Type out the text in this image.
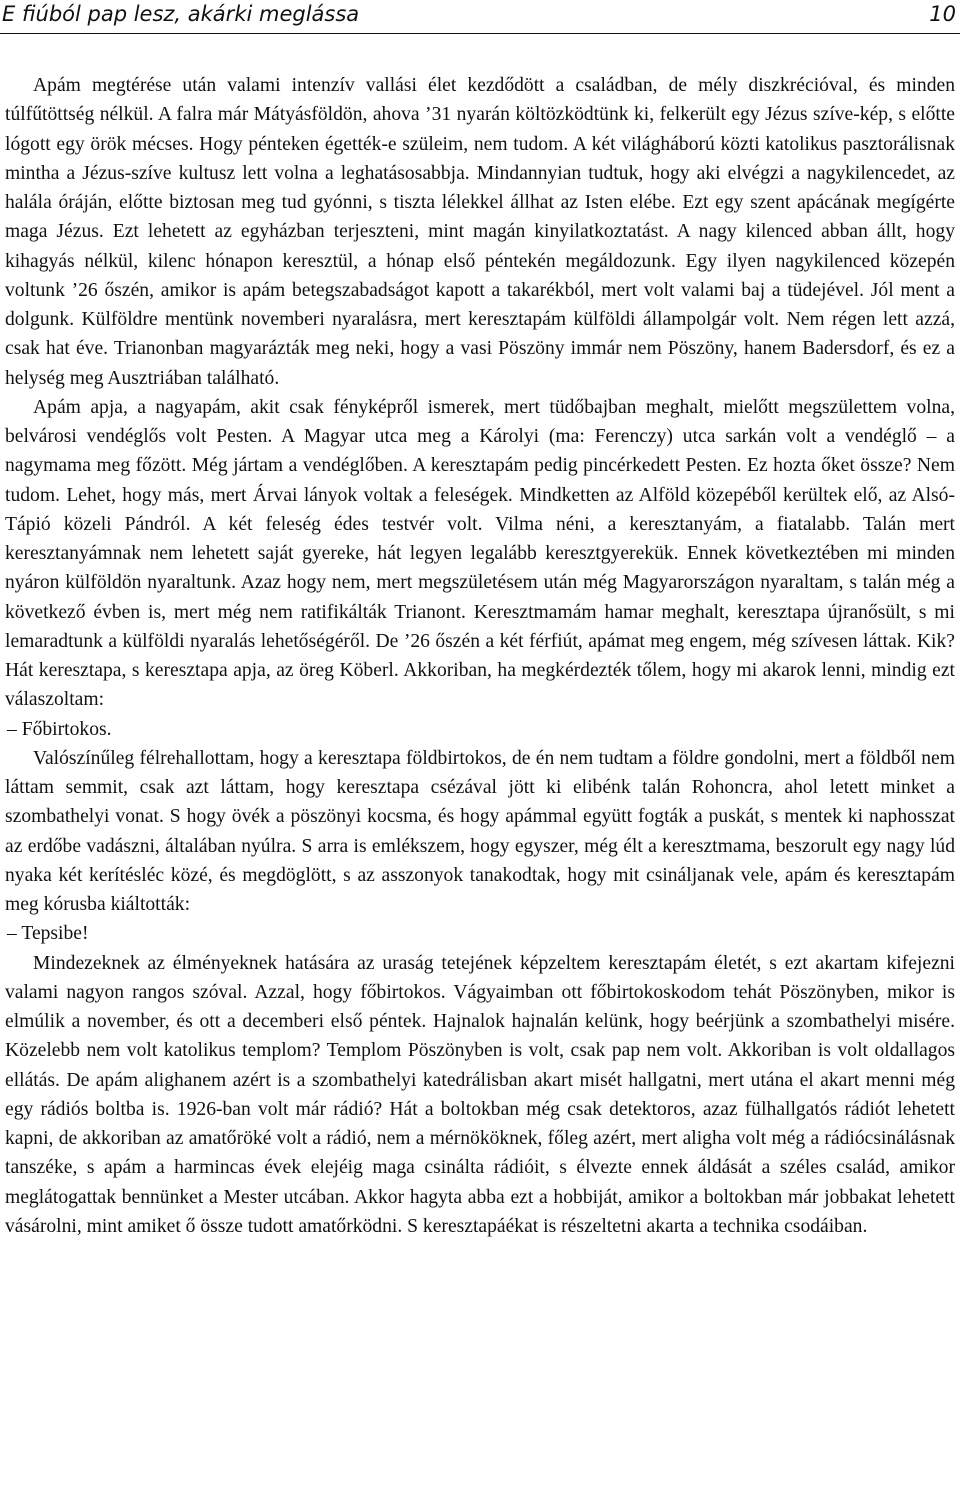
E fiúból pap lesz, akárki meglássa	10

Apám megtérése után valami intenzív vallási élet kezdődött a családban, de mély diszkrécióval, és minden túlfűtöttség nélkül. A falra már Mátyásföldön, ahova ’31 nyarán költözködtünk ki, felkerült egy Jézus szíve-kép, s előtte lógott egy örök mécses. Hogy pénteken égették-e szüleim, nem tudom. A két világháború közti katolikus pasztorálisnak mintha a Jézus-szíve kultusz lett volna a leghatásosabbja. Mindannyian tudtuk, hogy aki elvégzi a nagykilencedet, az halála óráján, előtte biztosan meg tud gyónni, s tiszta lélekkel állhat az Isten elébe. Ezt egy szent apácának megígérte maga Jézus. Ezt lehetett az egyházban terjeszteni, mint magán kinyilatkoztatást. A nagy kilenced abban állt, hogy kihagyás nélkül, kilenc hónapon keresztül, a hónap első péntekén megáldozunk. Egy ilyen nagykilenced közepén voltunk ’26 őszén, amikor is apám betegszabadságot kapott a takarékból, mert volt valami baj a tüdejével. Jól ment a dolgunk. Külföldre mentünk novemberi nyaralásra, mert keresztapám külföldi állampolgár volt. Nem régen lett azzá, csak hat éve. Trianonban magyarázták meg neki, hogy a vasi Pöszöny immár nem Pöszöny, hanem Badersdorf, és ez a helység meg Ausztriában található.

Apám apja, a nagyapám, akit csak fényképről ismerek, mert tüdőbajban meghalt, mielőtt megszülettem volna, belvárosi vendéglős volt Pesten. A Magyar utca meg a Károlyi (ma: Ferenczy) utca sarkán volt a vendéglő – a nagymama meg főzött. Még jártam a vendéglőben. A keresztapám pedig pincérkedett Pesten. Ez hozta őket össze? Nem tudom. Lehet, hogy más, mert Árvai lányok voltak a feleségek. Mindketten az Alföld közepéből kerültek elő, az Alsó-Tápió közeli Pándról. A két feleség édes testvér volt. Vilma néni, a keresztanyám, a fiatalabb. Talán mert keresztanyámnak nem lehetett saját gyereke, hát legyen legalább keresztgyerekük. Ennek következtében mi minden nyáron külföldön nyaraltunk. Azaz hogy nem, mert megszületésem után még Magyarországon nyaraltam, s talán még a következő évben is, mert még nem ratifikálták Trianont. Keresztmamám hamar meghalt, keresztapa újranősült, s mi lemaradtunk a külföldi nyaralás lehetőségéről. De ’26 őszén a két férfiút, apámat meg engem, még szívesen láttak. Kik? Hát keresztapa, s keresztapa apja, az öreg Köberl. Akkoriban, ha megkérdezték tőlem, hogy mi akarok lenni, mindig ezt válaszoltam:

– Főbirtokos.

Valószínűleg félrehallottam, hogy a keresztapa földbirtokos, de én nem tudtam a földre gondolni, mert a földből nem láttam semmit, csak azt láttam, hogy keresztapa csézával jött ki elibénk talán Rohoncra, ahol letett minket a szombathelyi vonat. S hogy övék a pöszönyi kocsma, és hogy apámmal együtt fogták a puskát, s mentek ki naphosszat az erdőbe vadászni, általában nyúlra. S arra is emlékszem, hogy egyszer, még élt a keresztmama, beszorult egy nagy lúd nyaka két kerítésléc közé, és megdöglött, s az asszonyok tanakodtak, hogy mit csináljanak vele, apám és keresztapám meg kórusba kiáltották:

– Tepsibe!

Mindezeknek az élményeknek hatására az uraság tetejének képzeltem keresztapám életét, s ezt akartam kifejezni valami nagyon rangos szóval. Azzal, hogy főbirtokos. Vágyaimban ott főbirtokoskodom tehát Pöszönyben, mikor is elmúlik a november, és ott a decemberi első péntek. Hajnalok hajnalán kelünk, hogy beérjünk a szombathelyi misére. Közelebb nem volt katolikus templom? Templom Pöszönyben is volt, csak pap nem volt. Akkoriban is volt oldallagos ellátás. De apám alighanem azért is a szombathelyi katedrálisban akart misét hallgatni, mert utána el akart menni még egy rádiós boltba is. 1926-ban volt már rádió? Hát a boltokban még csak detektoros, azaz fülhallgatós rádiót lehetett kapni, de akkoriban az amatőröké volt a rádió, nem a mérnököknek, főleg azért, mert aligha volt még a rádiócsinálásnak tanszéke, s apám a harmincas évek elejéig maga csinálta rádióit, s élvezte ennek áldását a széles család, amikor meglátogattak bennünket a Mester utcában. Akkor hagyta abba ezt a hobbiját, amikor a boltokban már jobbakat lehetett vásárolni, mint amiket ő össze tudott amatőrködni. S keresztapáékat is részeltetni akarta a technika csodáiban.
